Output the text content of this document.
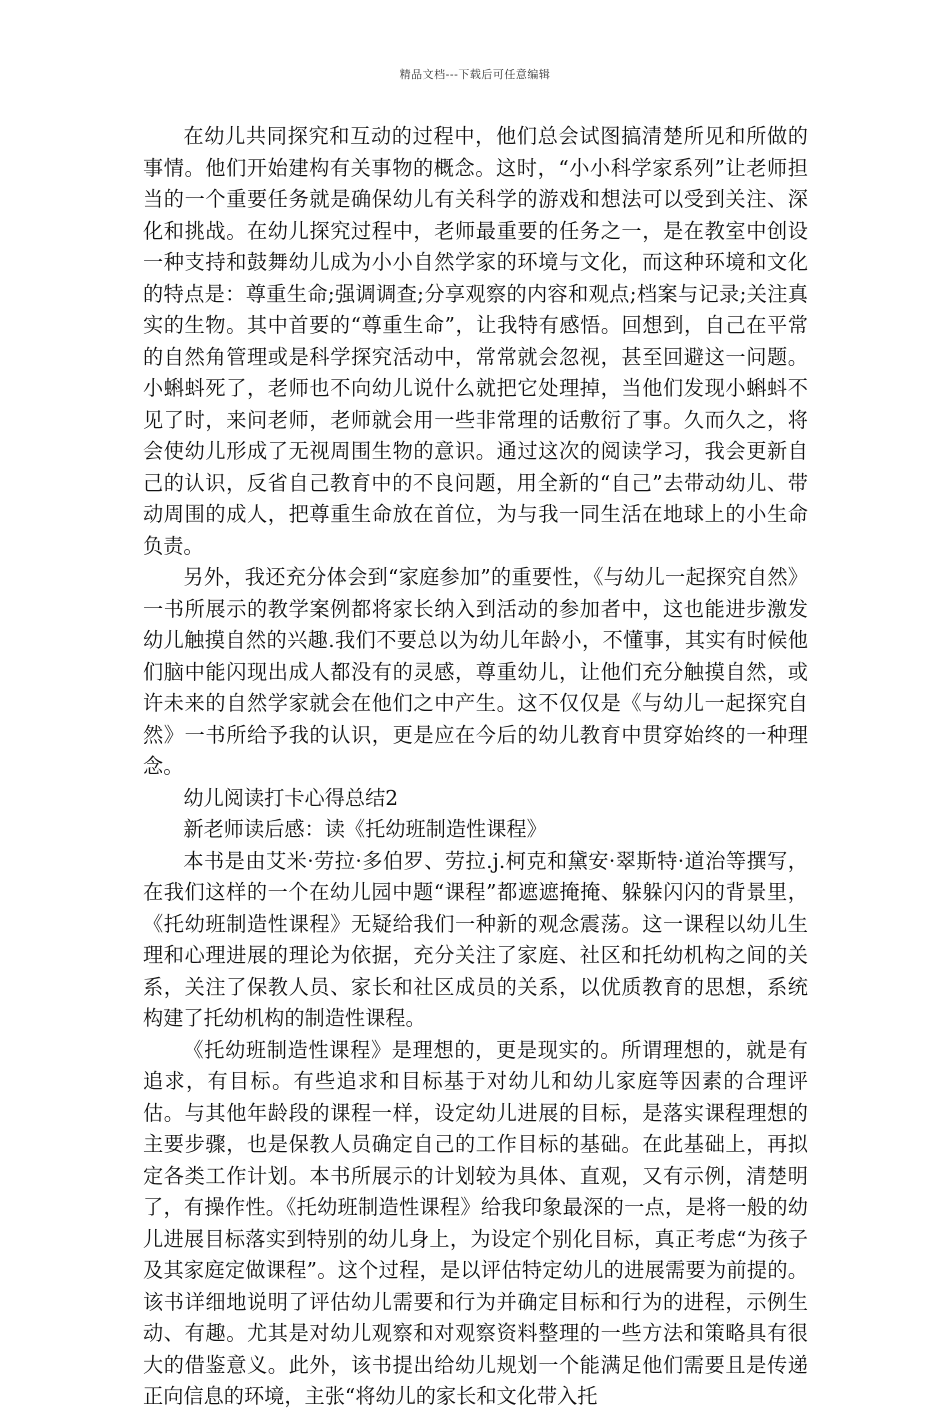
精品文档---下载后可任意编辑

在幼儿共同探究和互动的过程中，他们总会试图搞清楚所见和所做的事情。他们开始建构有关事物的概念。这时，“小小科学家系列”让老师担当的一个重要任务就是确保幼儿有关科学的游戏和想法可以受到关注、深化和挑战。在幼儿探究过程中，老师最重要的任务之一，是在教室中创设一种支持和鼓舞幼儿成为小小自然学家的环境与文化，而这种环境和文化的特点是：尊重生命;强调调查;分享观察的内容和观点;档案与记录;关注真实的生物。其中首要的“尊重生命”，让我特有感悟。回想到，自己在平常的自然角管理或是科学探究活动中，常常就会忽视，甚至回避这一问题。小蝌蚪死了，老师也不向幼儿说什么就把它处理掉，当他们发现小蝌蚪不见了时，来问老师，老师就会用一些非常理的话敷衍了事。久而久之，将会使幼儿形成了无视周围生物的意识。通过这次的阅读学习，我会更新自己的认识，反省自己教育中的不良问题，用全新的“自己”去带动幼儿、带动周围的成人，把尊重生命放在首位，为与我一同生活在地球上的小生命负责。

另外，我还充分体会到“家庭参加”的重要性，《与幼儿一起探究自然》一书所展示的教学案例都将家长纳入到活动的参加者中，这也能进步激发幼儿触摸自然的兴趣.我们不要总以为幼儿年龄小，不懂事，其实有时候他们脑中能闪现出成人都没有的灵感，尊重幼儿，让他们充分触摸自然，或许未来的自然学家就会在他们之中产生。这不仅仅是《与幼儿一起探究自然》一书所给予我的认识，更是应在今后的幼儿教育中贯穿始终的一种理念。

幼儿阅读打卡心得总结2

新老师读后感：读《托幼班制造性课程》

本书是由艾米·劳拉·多伯罗、劳拉.j.柯克和黛安·翠斯特·道治等撰写，在我们这样的一个在幼儿园中题“课程”都遮遮掩掩、躲躲闪闪的背景里，《托幼班制造性课程》无疑给我们一种新的观念震荡。这一课程以幼儿生理和心理进展的理论为依据，充分关注了家庭、社区和托幼机构之间的关系，关注了保教人员、家长和社区成员的关系，以优质教育的思想，系统构建了托幼机构的制造性课程。

《托幼班制造性课程》是理想的，更是现实的。所谓理想的，就是有追求，有目标。有些追求和目标基于对幼儿和幼儿家庭等因素的合理评估。与其他年龄段的课程一样，设定幼儿进展的目标，是落实课程理想的主要步骤，也是保教人员确定自己的工作目标的基础。在此基础上，再拟定各类工作计划。本书所展示的计划较为具体、直观，又有示例，清楚明了，有操作性。《托幼班制造性课程》给我印象最深的一点，是将一般的幼儿进展目标落实到特别的幼儿身上，为设定个别化目标，真正考虑“为孩子及其家庭定做课程”。这个过程，是以评估特定幼儿的进展需要为前提的。该书详细地说明了评估幼儿需要和行为并确定目标和行为的进程，示例生动、有趣。尤其是对幼儿观察和对观察资料整理的一些方法和策略具有很大的借鉴意义。此外，该书提出给幼儿规划一个能满足他们需要且是传递正向信息的环境，主张“将幼儿的家长和文化带入托
